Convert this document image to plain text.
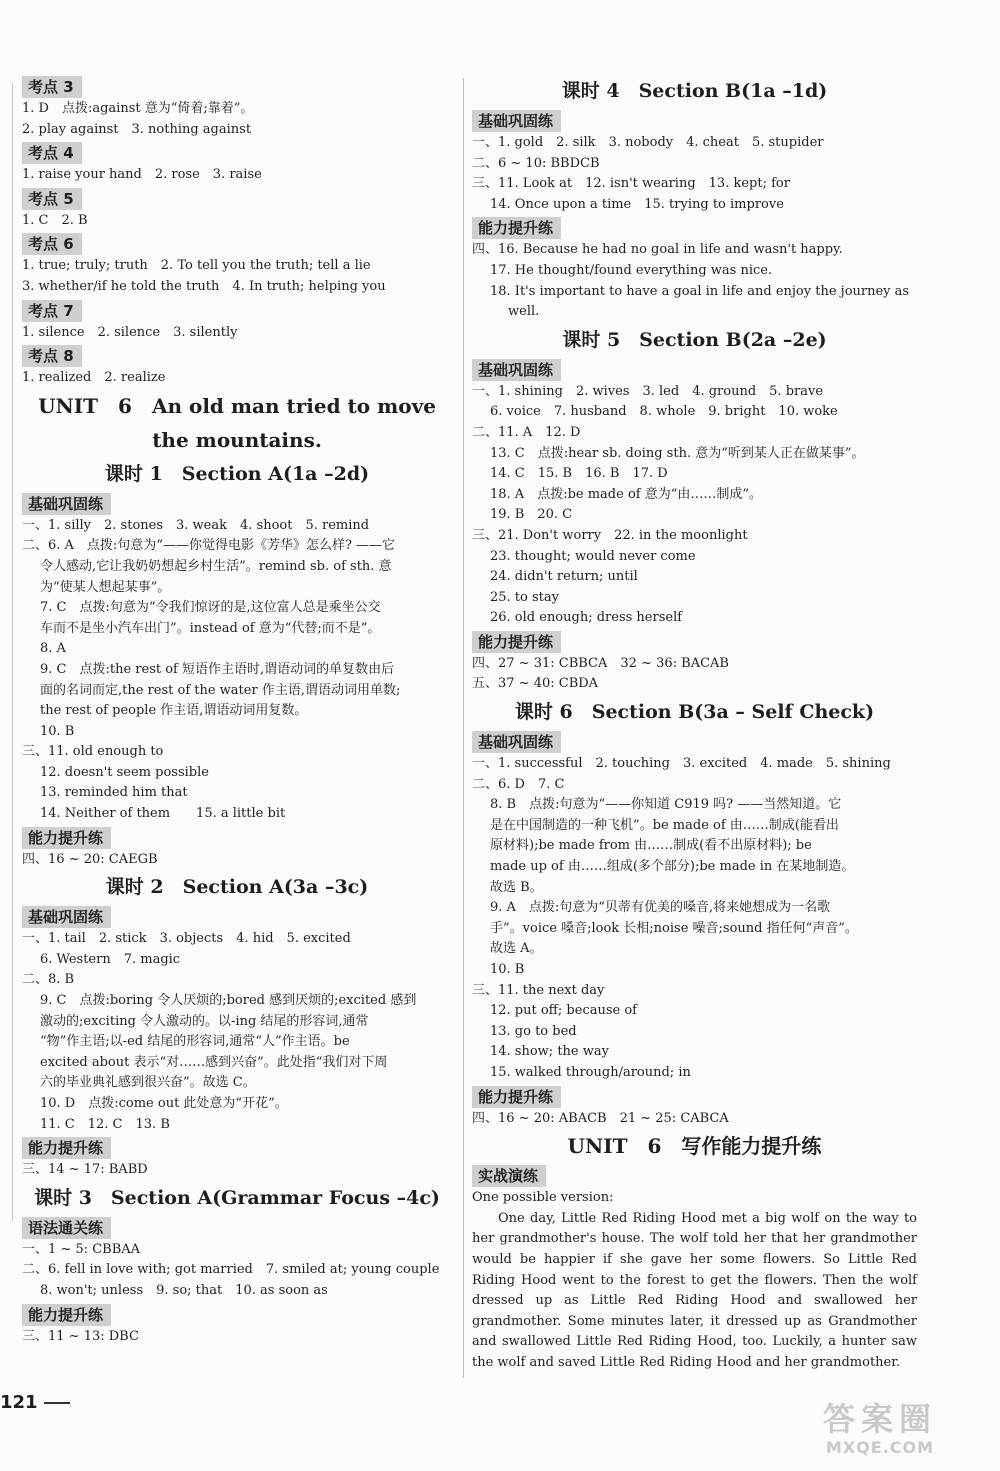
考点 3
1. D　点拨:against 意为“倚着;靠着”。
2. play against　3. nothing against
考点 4
1. raise your hand　2. rose　3. raise
考点 5
1. C　2. B
考点 6
1. true; truly; truth　2. To tell you the truth; tell a lie
3. whether/if he told the truth　4. In truth; helping you
考点 7
1. silence　2. silence　3. silently
考点 8
1. realized　2. realize
UNIT　6　An old man tried to move
the mountains.
课时 1　Section A(1a –2d)
基础巩固练
一、1. silly　2. stones　3. weak　4. shoot　5. remind
二、6. A　点拨:句意为“——你觉得电影《芳华》怎么样? ——它
令人感动,它让我奶奶想起乡村生活”。remind sb. of sth. 意
为“使某人想起某事”。
7. C　点拨:句意为“令我们惊讶的是,这位富人总是乘坐公交
车而不是坐小汽车出门”。instead of 意为“代替;而不是”。
8. A
9. C　点拨:the rest of 短语作主语时,谓语动词的单复数由后
面的名词而定,the rest of the water 作主语,谓语动词用单数;
the rest of people 作主语,谓语动词用复数。
10. B
三、11. old enough to
12. doesn't seem possible
13. reminded him that
14. Neither of them　　15. a little bit
能力提升练
四、16 ~ 20: CAEGB
课时 2　Section A(3a –3c)
基础巩固练
一、1. tail　2. stick　3. objects　4. hid　5. excited
6. Western　7. magic
二、8. B
9. C　点拨:boring 令人厌烦的;bored 感到厌烦的;excited 感到
激动的;exciting 令人激动的。以-ing 结尾的形容词,通常
“物”作主语;以-ed 结尾的形容词,通常“人”作主语。be
excited about 表示“对……感到兴奋”。此处指“我们对下周
六的毕业典礼感到很兴奋”。故选 C。
10. D　点拨:come out 此处意为“开花”。
11. C　12. C　13. B
能力提升练
三、14 ~ 17: BABD
课时 3　Section A(Grammar Focus –4c)
语法通关练
一、1 ~ 5: CBBAA
二、6. fell in love with; got married　7. smiled at; young couple
8. won't; unless　9. so; that　10. as soon as
能力提升练
三、11 ~ 13: DBC
课时 4　Section B(1a –1d)
基础巩固练
一、1. gold　2. silk　3. nobody　4. cheat　5. stupider
二、6 ~ 10: BBDCB
三、11. Look at　12. isn't wearing　13. kept; for
14. Once upon a time　15. trying to improve
能力提升练
四、16. Because he had no goal in life and wasn't happy.
17. He thought/found everything was nice.
18. It's important to have a goal in life and enjoy the journey as
well.
课时 5　Section B(2a –2e)
基础巩固练
一、1. shining　2. wives　3. led　4. ground　5. brave
6. voice　7. husband　8. whole　9. bright　10. woke
二、11. A　12. D
13. C　点拨:hear sb. doing sth. 意为“听到某人正在做某事”。
14. C　15. B　16. B　17. D
18. A　点拨:be made of 意为“由……制成”。
19. B　20. C
三、21. Don't worry　22. in the moonlight
23. thought; would never come
24. didn't return; until
25. to stay
26. old enough; dress herself
能力提升练
四、27 ~ 31: CBBCA　32 ~ 36: BACAB
五、37 ~ 40: CBDA
课时 6　Section B(3a – Self Check)
基础巩固练
一、1. successful　2. touching　3. excited　4. made　5. shining
二、6. D　7. C
8. B　点拨:句意为“——你知道 C919 吗? ——当然知道。它
是在中国制造的一种飞机”。be made of 由……制成(能看出
原材料);be made from 由……制成(看不出原材料); be
made up of 由……组成(多个部分);be made in 在某地制造。
故选 B。
9. A　点拨:句意为“贝蒂有优美的嗓音,将来她想成为一名歌
手”。voice 嗓音;look 长相;noise 噪音;sound 指任何“声音”。
故选 A。
10. B
三、11. the next day
12. put off; because of
13. go to bed
14. show; the way
15. walked through/around; in
能力提升练
四、16 ~ 20: ABACB　21 ~ 25: CABCA
UNIT　6　写作能力提升练
实战演练
One possible version:
One day, Little Red Riding Hood met a big wolf on the way to her grandmother's house. The wolf told her that her grandmother would be happier if she gave her some flowers. So Little Red Riding Hood went to the forest to get the flowers. Then the wolf dressed up as Little Red Riding Hood and swallowed her grandmother. Some minutes later, it dressed up as Grandmother and swallowed Little Red Riding Hood, too. Luckily, a hunter saw the wolf and saved Little Red Riding Hood and her grandmother.
121	答案圈
MXQE.COM
